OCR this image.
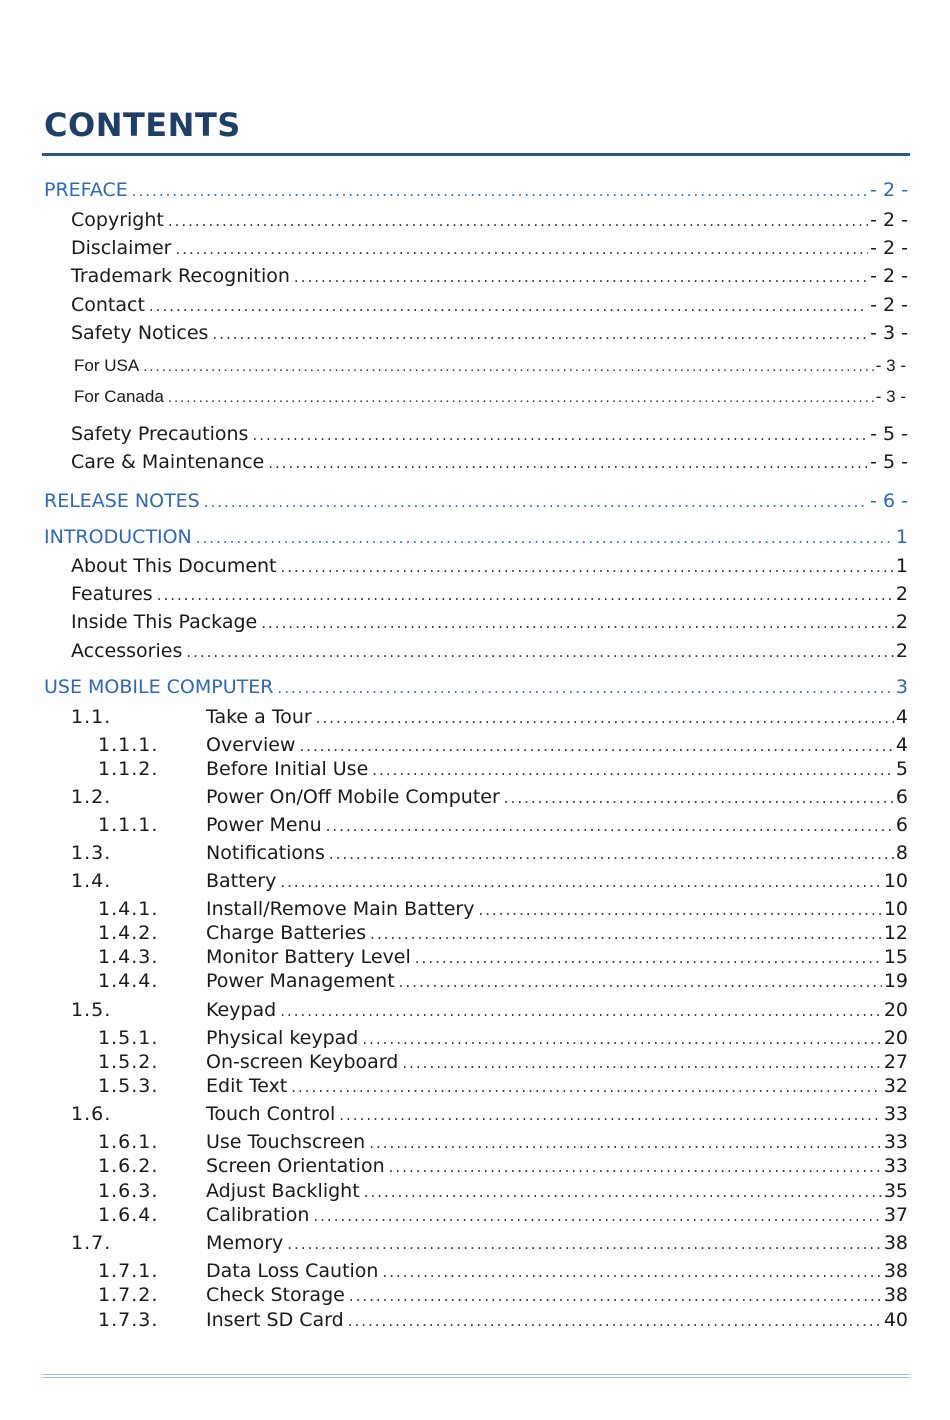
CONTENTS
PREFACE .....	- 2 -
Copyright .....	- 2 -
Disclaimer .....	- 2 -
Trademark Recognition .....	- 2 -
Contact .....	- 2 -
Safety Notices .....	- 3 -
For USA .....	- 3 -
For Canada .....	- 3 -
Safety Precautions .....	- 5 -
Care & Maintenance .....	- 5 -
RELEASE NOTES .....	- 6 -
INTRODUCTION .....	1
About This Document .....	1
Features .....	2
Inside This Package .....	2
Accessories .....	2
USE MOBILE COMPUTER .....	3
1.1.	Take a Tour .....	4
1.1.1.	Overview .....	4
1.1.2.	Before Initial Use .....	5
1.2.	Power On/Off Mobile Computer .....	6
1.1.1.	Power Menu .....	6
1.3.	Notifications .....	8
1.4.	Battery .....	10
1.4.1.	Install/Remove Main Battery .....	10
1.4.2.	Charge Batteries .....	12
1.4.3.	Monitor Battery Level .....	15
1.4.4.	Power Management .....	19
1.5.	Keypad .....	20
1.5.1.	Physical keypad .....	20
1.5.2.	On-screen Keyboard .....	27
1.5.3.	Edit Text .....	32
1.6.	Touch Control .....	33
1.6.1.	Use Touchscreen .....	33
1.6.2.	Screen Orientation .....	33
1.6.3.	Adjust Backlight .....	35
1.6.4.	Calibration .....	37
1.7.	Memory .....	38
1.7.1.	Data Loss Caution .....	38
1.7.2.	Check Storage .....	38
1.7.3.	Insert SD Card .....	40
